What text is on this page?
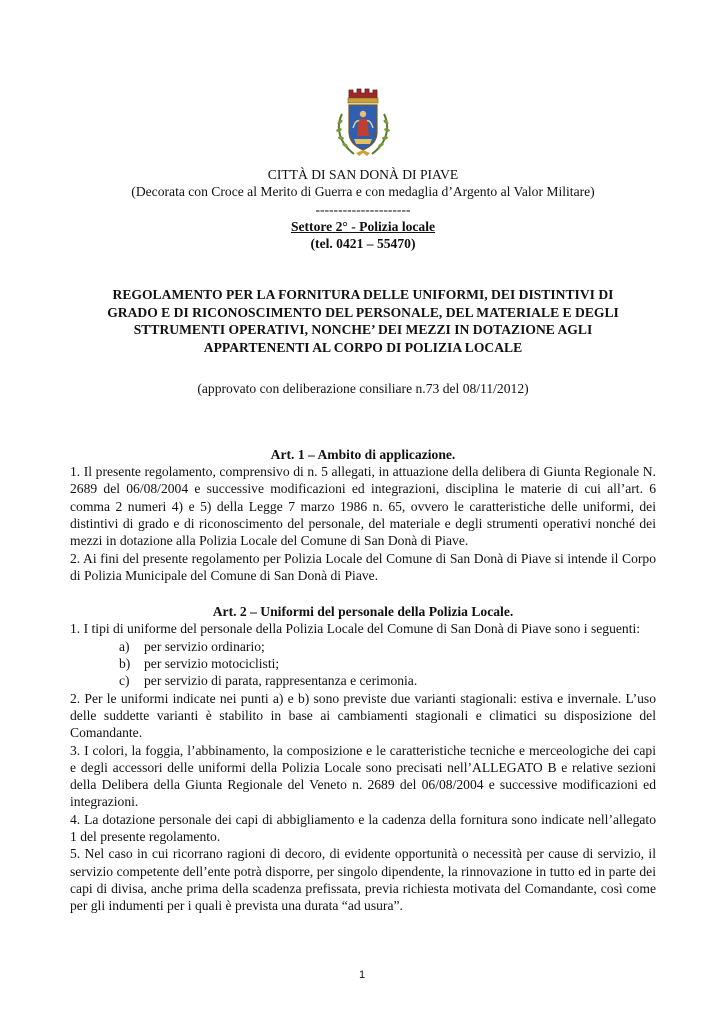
CITTÀ DI SAN DONÀ DI PIAVE
(Decorata con Croce al Merito di Guerra e con medaglia d’Argento al Valor Militare)
---------------------
Settore 2° - Polizia locale
(tel. 0421 – 55470)
REGOLAMENTO PER LA FORNITURA DELLE UNIFORMI, DEI DISTINTIVI DI
GRADO E DI RICONOSCIMENTO DEL PERSONALE, DEL MATERIALE E DEGLI
STTRUMENTI OPERATIVI, NONCHE’ DEI MEZZI IN DOTAZIONE AGLI
APPARTENENTI AL CORPO DI POLIZIA LOCALE
(approvato con deliberazione consiliare n.73 del 08/11/2012)
Art. 1 – Ambito di applicazione.

1. Il presente regolamento, comprensivo di n. 5 allegati, in attuazione della delibera di Giunta Regionale N. 2689 del 06/08/2004 e successive modificazioni ed integrazioni, disciplina le materie di cui all’art. 6 comma 2 numeri 4) e 5) della Legge 7 marzo 1986 n. 65, ovvero le caratteristiche delle uniformi, dei distintivi di grado e di riconoscimento del personale, del materiale e degli strumenti operativi nonché dei mezzi in dotazione alla Polizia Locale del Comune di San Donà di Piave.

2. Ai fini del presente regolamento per Polizia Locale del Comune di San Donà di Piave si intende il Corpo di Polizia Municipale del Comune di San Donà di Piave.

Art. 2 – Uniformi del personale della Polizia Locale.

1. I tipi di uniforme del personale della Polizia Locale del Comune di San Donà di Piave sono i seguenti:

a) per servizio ordinario;
b) per servizio motociclisti;
c) per servizio di parata, rappresentanza e cerimonia.

2. Per le uniformi indicate nei punti a) e b) sono previste due varianti stagionali: estiva e invernale. L’uso delle suddette varianti è stabilito in base ai cambiamenti stagionali e climatici su disposizione del Comandante.

3. I colori, la foggia, l’abbinamento, la composizione e le caratteristiche tecniche e merceologiche dei capi e degli accessori delle uniformi della Polizia Locale sono precisati nell’ALLEGATO B e relative sezioni della Delibera della Giunta Regionale del Veneto n. 2689 del 06/08/2004 e successive modificazioni ed integrazioni.

4. La dotazione personale dei capi di abbigliamento e la cadenza della fornitura sono indicate nell’allegato 1 del presente regolamento.

5. Nel caso in cui ricorrano ragioni di decoro, di evidente opportunità o necessità per cause di servizio, il servizio competente dell’ente potrà disporre, per singolo dipendente, la rinnovazione in tutto ed in parte dei capi di divisa, anche prima della scadenza prefissata, previa richiesta motivata del Comandante, così come per gli indumenti per i quali è prevista una durata “ad usura”.

1
